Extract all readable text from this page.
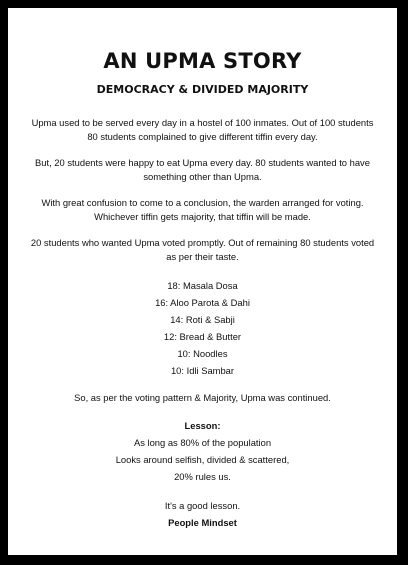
AN UPMA STORY
DEMOCRACY & DIVIDED MAJORITY

Upma used to be served every day in a hostel of 100 inmates. Out of 100 students 80 students complained to give different tiffin every day.

But, 20 students were happy to eat Upma every day. 80 students wanted to have something other than Upma.

With great confusion to come to a conclusion, the warden arranged for voting. Whichever tiffin gets majority, that tiffin will be made.

20 students who wanted Upma voted promptly. Out of remaining 80 students voted as per their taste.

18: Masala Dosa
16: Aloo Parota & Dahi
14: Roti & Sabji
12: Bread & Butter
10: Noodles
10: Idli Sambar

So, as per the voting pattern & Majority, Upma was continued.

Lesson:

As long as 80% of the population
Looks around selfish, divided & scattered,
20% rules us.

It's a good lesson.

People Mindset
